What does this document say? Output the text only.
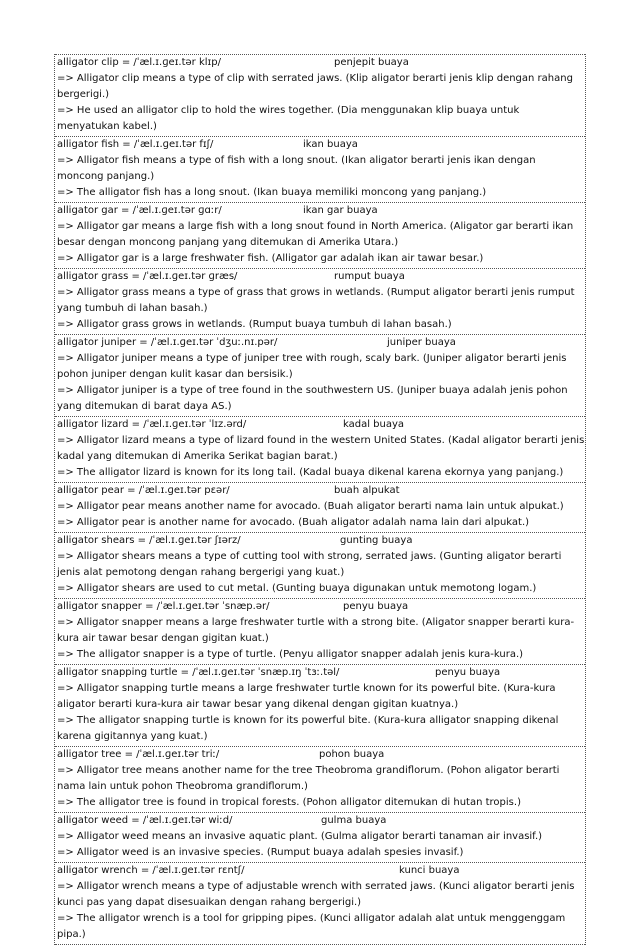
alligator clip = /ˈæl.ɪ.ɡeɪ.tər klɪp/	penjepit buaya
=> Alligator clip means a type of clip with serrated jaws. (Klip aligator berarti jenis klip dengan rahang bergerigi.)
=> He used an alligator clip to hold the wires together. (Dia menggunakan klip buaya untuk menyatukan kabel.)
alligator fish = /ˈæl.ɪ.ɡeɪ.tər fɪʃ/	ikan buaya
=> Alligator fish means a type of fish with a long snout. (Ikan aligator berarti jenis ikan dengan moncong panjang.)
=> The alligator fish has a long snout. (Ikan buaya memiliki moncong yang panjang.)
alligator gar = /ˈæl.ɪ.ɡeɪ.tər ɡɑːr/	ikan gar buaya
=> Alligator gar means a large fish with a long snout found in North America. (Aligator gar berarti ikan besar dengan moncong panjang yang ditemukan di Amerika Utara.)
=> Alligator gar is a large freshwater fish. (Alligator gar adalah ikan air tawar besar.)
alligator grass = /ˈæl.ɪ.ɡeɪ.tər ɡræs/	rumput buaya
=> Alligator grass means a type of grass that grows in wetlands. (Rumput aligator berarti jenis rumput yang tumbuh di lahan basah.)
=> Alligator grass grows in wetlands. (Rumput buaya tumbuh di lahan basah.)
alligator juniper = /ˈæl.ɪ.ɡeɪ.tər ˈdʒuː.nɪ.pər/	juniper buaya
=> Alligator juniper means a type of juniper tree with rough, scaly bark. (Juniper aligator berarti jenis pohon juniper dengan kulit kasar dan bersisik.)
=> Alligator juniper is a type of tree found in the southwestern US. (Juniper buaya adalah jenis pohon yang ditemukan di barat daya AS.)
alligator lizard = /ˈæl.ɪ.ɡeɪ.tər ˈlɪz.ərd/	kadal buaya
=> Alligator lizard means a type of lizard found in the western United States. (Kadal aligator berarti jenis kadal yang ditemukan di Amerika Serikat bagian barat.)
=> The alligator lizard is known for its long tail. (Kadal buaya dikenal karena ekornya yang panjang.)
alligator pear = /ˈæl.ɪ.ɡeɪ.tər pɛər/	buah alpukat
=> Alligator pear means another name for avocado. (Buah aligator berarti nama lain untuk alpukat.)
=> Alligator pear is another name for avocado. (Buah aligator adalah nama lain dari alpukat.)
alligator shears = /ˈæl.ɪ.ɡeɪ.tər ʃɪərz/	gunting buaya
=> Alligator shears means a type of cutting tool with strong, serrated jaws. (Gunting aligator berarti jenis alat pemotong dengan rahang bergerigi yang kuat.)
=> Alligator shears are used to cut metal. (Gunting buaya digunakan untuk memotong logam.)
alligator snapper = /ˈæl.ɪ.ɡeɪ.tər ˈsnæp.ər/	penyu buaya
=> Alligator snapper means a large freshwater turtle with a strong bite. (Aligator snapper berarti kura-kura air tawar besar dengan gigitan kuat.)
=> The alligator snapper is a type of turtle. (Penyu alligator snapper adalah jenis kura-kura.)
alligator snapping turtle = /ˈæl.ɪ.ɡeɪ.tər ˈsnæp.ɪŋ ˈtɜː.təl/	penyu buaya
=> Alligator snapping turtle means a large freshwater turtle known for its powerful bite. (Kura-kura aligator berarti kura-kura air tawar besar yang dikenal dengan gigitan kuatnya.)
=> The alligator snapping turtle is known for its powerful bite. (Kura-kura alligator snapping dikenal karena gigitannya yang kuat.)
alligator tree = /ˈæl.ɪ.ɡeɪ.tər triː/	pohon buaya
=> Alligator tree means another name for the tree Theobroma grandiflorum. (Pohon aligator berarti nama lain untuk pohon Theobroma grandiflorum.)
=> The alligator tree is found in tropical forests. (Pohon alligator ditemukan di hutan tropis.)
alligator weed = /ˈæl.ɪ.ɡeɪ.tər wiːd/	gulma buaya
=> Alligator weed means an invasive aquatic plant. (Gulma aligator berarti tanaman air invasif.)
=> Alligator weed is an invasive species. (Rumput buaya adalah spesies invasif.)
alligator wrench = /ˈæl.ɪ.ɡeɪ.tər rɛntʃ/	kunci buaya
=> Alligator wrench means a type of adjustable wrench with serrated jaws. (Kunci aligator berarti jenis kunci pas yang dapat disesuaikan dengan rahang bergerigi.)
=> The alligator wrench is a tool for gripping pipes. (Kunci alligator adalah alat untuk menggenggam pipa.)
